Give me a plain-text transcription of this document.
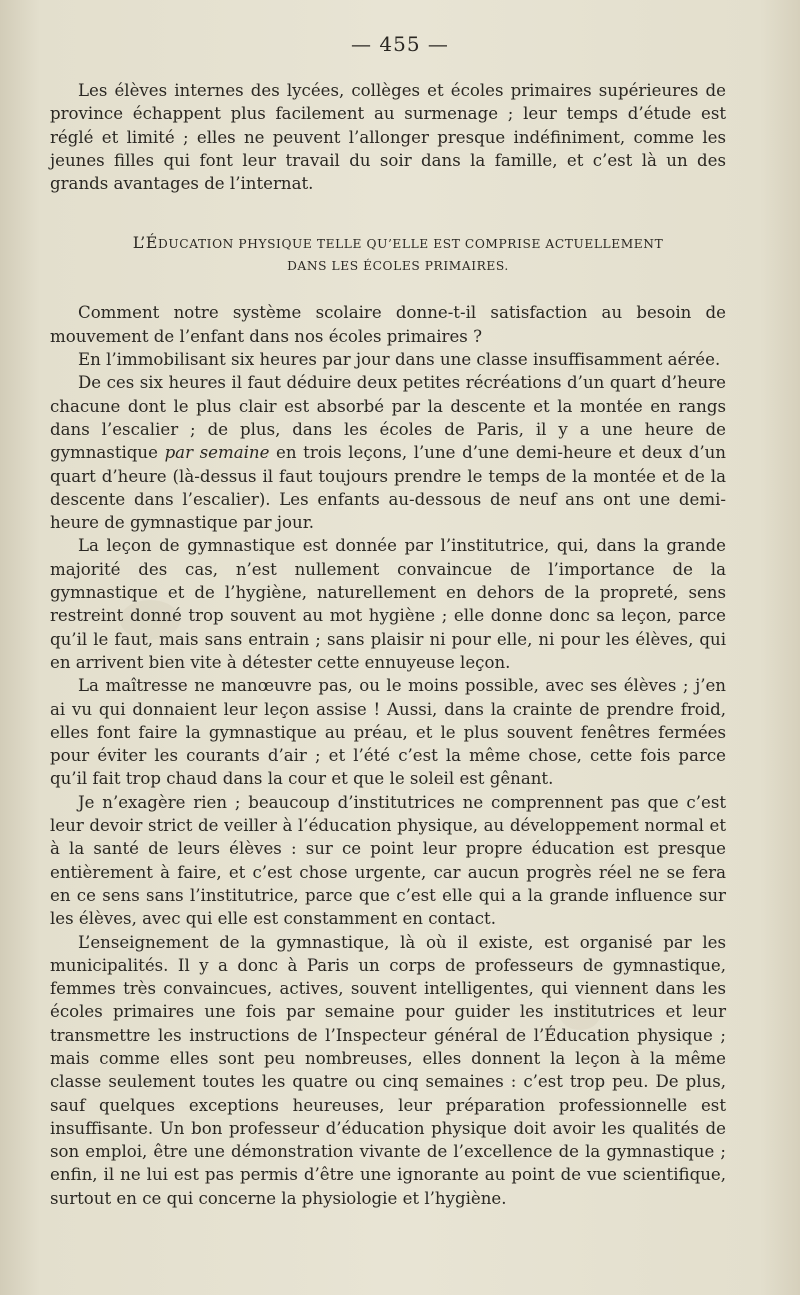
— 455 —

Les élèves internes des lycées, collèges et écoles primaires supérieures de province échappent plus facilement au surmenage ; leur temps d’étude est réglé et limité ; elles ne peuvent l’allonger presque indéfiniment, comme les jeunes filles qui font leur travail du soir dans la famille, et c’est là un des grands avantages de l’internat.

L’ÉDUCATION PHYSIQUE TELLE QU’ELLE EST COMPRISE ACTUELLEMENT
DANS LES ÉCOLES PRIMAIRES.

Comment notre système scolaire donne-t-il satisfaction au besoin de mouvement de l’enfant dans nos écoles primaires ?

En l’immobilisant six heures par jour dans une classe insuffisamment aérée.

De ces six heures il faut déduire deux petites récréations d’un quart d’heure chacune dont le plus clair est absorbé par la descente et la montée en rangs dans l’escalier ; de plus, dans les écoles de Paris, il y a une heure de gymnastique par semaine en trois leçons, l’une d’une demi-heure et deux d’un quart d’heure (là-dessus il faut toujours prendre le temps de la montée et de la descente dans l’escalier). Les enfants au-dessous de neuf ans ont une demi-heure de gymnastique par jour.

La leçon de gymnastique est donnée par l’institutrice, qui, dans la grande majorité des cas, n’est nullement convaincue de l’importance de la gymnastique et de l’hygiène, naturellement en dehors de la propreté, sens restreint donné trop souvent au mot hygiène ; elle donne donc sa leçon, parce qu’il le faut, mais sans entrain ; sans plaisir ni pour elle, ni pour les élèves, qui en arrivent bien vite à détester cette ennuyeuse leçon.

La maîtresse ne manœuvre pas, ou le moins possible, avec ses élèves ; j’en ai vu qui donnaient leur leçon assise ! Aussi, dans la crainte de prendre froid, elles font faire la gymnastique au préau, et le plus souvent fenêtres fermées pour éviter les courants d’air ; et l’été c’est la même chose, cette fois parce qu’il fait trop chaud dans la cour et que le soleil est gênant.

Je n’exagère rien ; beaucoup d’institutrices ne comprennent pas que c’est leur devoir strict de veiller à l’éducation physique, au développement normal et à la santé de leurs élèves : sur ce point leur propre éducation est presque entièrement à faire, et c’est chose urgente, car aucun progrès réel ne se fera en ce sens sans l’institutrice, parce que c’est elle qui a la grande influence sur les élèves, avec qui elle est constamment en contact.

L’enseignement de la gymnastique, là où il existe, est organisé par les municipalités. Il y a donc à Paris un corps de professeurs de gymnastique, femmes très convaincues, actives, souvent intelligentes, qui viennent dans les écoles primaires une fois par semaine pour guider les institutrices et leur transmettre les instructions de l’Inspecteur général de l’Éducation physique ; mais comme elles sont peu nombreuses, elles donnent la leçon à la même classe seulement toutes les quatre ou cinq semaines : c’est trop peu. De plus, sauf quelques exceptions heureuses, leur préparation professionnelle est insuffisante. Un bon professeur d’éducation physique doit avoir les qualités de son emploi, être une démonstration vivante de l’excellence de la gymnastique ; enfin, il ne lui est pas permis d’être une ignorante au point de vue scientifique, surtout en ce qui concerne la physiologie et l’hygiène.
